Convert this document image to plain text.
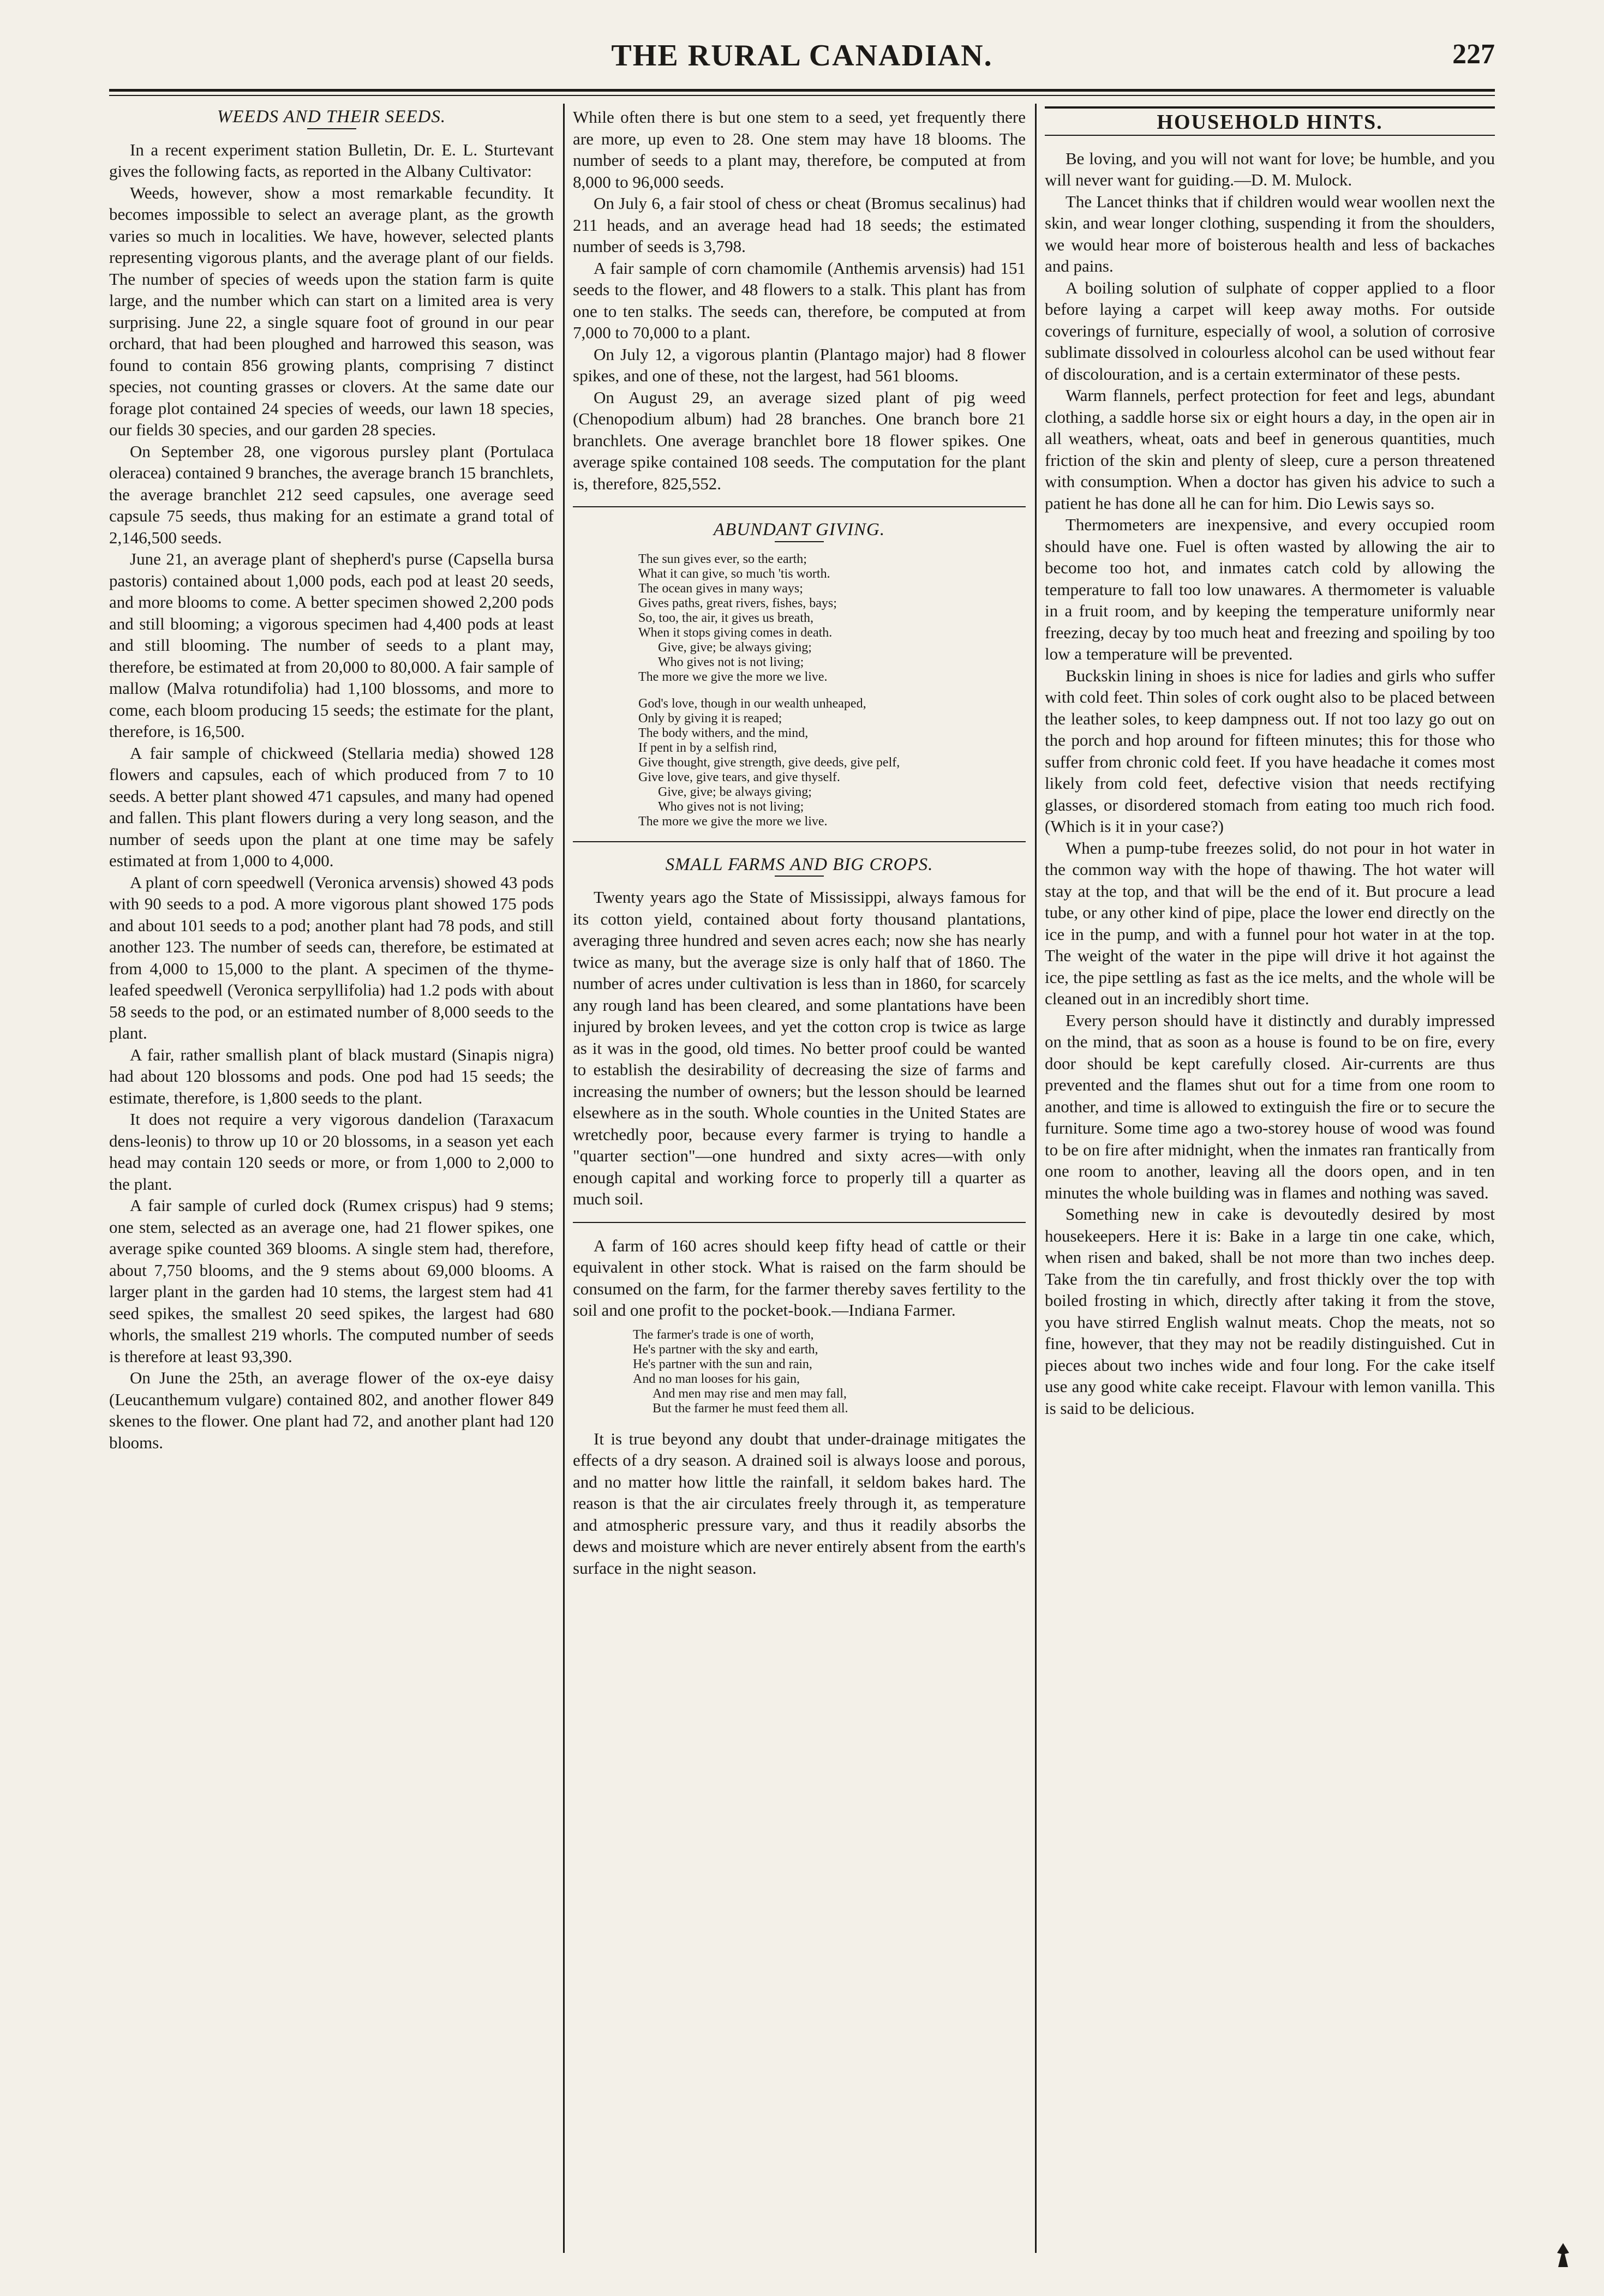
THE RURAL CANADIAN.	227

WEEDS AND THEIR SEEDS.

In a recent experiment station Bulletin, Dr. E. L. Sturtevant gives the following facts, as reported in the Albany Cultivator:

Weeds, however, show a most remarkable fecundity. It becomes impossible to select an average plant, as the growth varies so much in localities. We have, however, selected plants representing vigorous plants, and the average plant of our fields. The number of species of weeds upon the station farm is quite large, and the number which can start on a limited area is very surprising. June 22, a single square foot of ground in our pear orchard, that had been ploughed and harrowed this season, was found to contain 856 growing plants, comprising 7 distinct species, not counting grasses or clovers. At the same date our forage plot contained 24 species of weeds, our lawn 18 species, our fields 30 species, and our garden 28 species.

On September 28, one vigorous pursley plant (Portulaca oleracea) contained 9 branches, the average branch 15 branchlets, the average branchlet 212 seed capsules, one average seed capsule 75 seeds, thus making for an estimate a grand total of 2,146,500 seeds.

June 21, an average plant of shepherd's purse (Capsella bursa pastoris) contained about 1,000 pods, each pod at least 20 seeds, and more blooms to come. A better specimen showed 2,200 pods and still blooming; a vigorous specimen had 4,400 pods at least and still blooming. The number of seeds to a plant may, therefore, be estimated at from 20,000 to 80,000. A fair sample of mallow (Malva rotundifolia) had 1,100 blossoms, and more to come, each bloom producing 15 seeds; the estimate for the plant, therefore, is 16,500.

A fair sample of chickweed (Stellaria media) showed 128 flowers and capsules, each of which produced from 7 to 10 seeds. A better plant showed 471 capsules, and many had opened and fallen. This plant flowers during a very long season, and the number of seeds upon the plant at one time may be safely estimated at from 1,000 to 4,000.

A plant of corn speedwell (Veronica arvensis) showed 43 pods with 90 seeds to a pod. A more vigorous plant showed 175 pods and about 101 seeds to a pod; another plant had 78 pods, and still another 123. The number of seeds can, therefore, be estimated at from 4,000 to 15,000 to the plant. A specimen of the thyme-leafed speedwell (Veronica serpyllifolia) had 1.2 pods with about 58 seeds to the pod, or an estimated number of 8,000 seeds to the plant.

A fair, rather smallish plant of black mustard (Sinapis nigra) had about 120 blossoms and pods. One pod had 15 seeds; the estimate, therefore, is 1,800 seeds to the plant.

It does not require a very vigorous dandelion (Taraxacum dens-leonis) to throw up 10 or 20 blossoms, in a season yet each head may contain 120 seeds or more, or from 1,000 to 2,000 to the plant.

A fair sample of curled dock (Rumex crispus) had 9 stems; one stem, selected as an average one, had 21 flower spikes, one average spike counted 369 blooms. A single stem had, therefore, about 7,750 blooms, and the 9 stems about 69,000 blooms. A larger plant in the garden had 10 stems, the largest stem had 41 seed spikes, the smallest 20 seed spikes, the largest had 680 whorls, the smallest 219 whorls. The computed number of seeds is therefore at least 93,390.

On June the 25th, an average flower of the ox-eye daisy (Leucanthemum vulgare) contained 802, and another flower 849 skenes to the flower. One plant had 72, and another plant had 120 blooms.

While often there is but one stem to a seed, yet frequently there are more, up even to 28. One stem may have 18 blooms. The number of seeds to a plant may, therefore, be computed at from 8,000 to 96,000 seeds.

On July 6, a fair stool of chess or cheat (Bromus secalinus) had 211 heads, and an average head had 18 seeds; the estimated number of seeds is 3,798.

A fair sample of corn chamomile (Anthemis arvensis) had 151 seeds to the flower, and 48 flowers to a stalk. This plant has from one to ten stalks. The seeds can, therefore, be computed at from 7,000 to 70,000 to a plant.

On July 12, a vigorous plantin (Plantago major) had 8 flower spikes, and one of these, not the largest, had 561 blooms.

On August 29, an average sized plant of pig weed (Chenopodium album) had 28 branches. One branch bore 21 branchlets. One average branchlet bore 18 flower spikes. One average spike contained 108 seeds. The computation for the plant is, therefore, 825,552.

ABUNDANT GIVING.

The sun gives ever, so the earth;
What it can give, so much 'tis worth.
The ocean gives in many ways;
Gives paths, great rivers, fishes, bays;
So, too, the air, it gives us breath,
When it stops giving comes in death.
Give, give; be always giving;
Who gives not is not living;
The more we give the more we live.
God's love, though in our wealth unheaped,
Only by giving it is reaped;
The body withers, and the mind,
If pent in by a selfish rind,
Give thought, give strength, give deeds, give pelf,
Give love, give tears, and give thyself.
Give, give; be always giving;
Who gives not is not living;
The more we give the more we live.

SMALL FARMS AND BIG CROPS.

Twenty years ago the State of Mississippi, always famous for its cotton yield, contained about forty thousand plantations, averaging three hundred and seven acres each; now she has nearly twice as many, but the average size is only half that of 1860. The number of acres under cultivation is less than in 1860, for scarcely any rough land has been cleared, and some plantations have been injured by broken levees, and yet the cotton crop is twice as large as it was in the good, old times. No better proof could be wanted to establish the desirability of decreasing the size of farms and increasing the number of owners; but the lesson should be learned elsewhere as in the south. Whole counties in the United States are wretchedly poor, because every farmer is trying to handle a "quarter section"—one hundred and sixty acres—with only enough capital and working force to properly till a quarter as much soil.

A farm of 160 acres should keep fifty head of cattle or their equivalent in other stock. What is raised on the farm should be consumed on the farm, for the farmer thereby saves fertility to the soil and one profit to the pocket-book.—Indiana Farmer.

The farmer's trade is one of worth,
He's partner with the sky and earth,
He's partner with the sun and rain,
And no man looses for his gain,
And men may rise and men may fall,
But the farmer he must feed them all.

It is true beyond any doubt that under-drainage mitigates the effects of a dry season. A drained soil is always loose and porous, and no matter how little the rainfall, it seldom bakes hard. The reason is that the air circulates freely through it, as temperature and atmospheric pressure vary, and thus it readily absorbs the dews and moisture which are never entirely absent from the earth's surface in the night season.

HOUSEHOLD HINTS.

Be loving, and you will not want for love; be humble, and you will never want for guiding.—D. M. Mulock.

The Lancet thinks that if children would wear woollen next the skin, and wear longer clothing, suspending it from the shoulders, we would hear more of boisterous health and less of backaches and pains.

A boiling solution of sulphate of copper applied to a floor before laying a carpet will keep away moths. For outside coverings of furniture, especially of wool, a solution of corrosive sublimate dissolved in colourless alcohol can be used without fear of discolouration, and is a certain exterminator of these pests.

Warm flannels, perfect protection for feet and legs, abundant clothing, a saddle horse six or eight hours a day, in the open air in all weathers, wheat, oats and beef in generous quantities, much friction of the skin and plenty of sleep, cure a person threatened with consumption. When a doctor has given his advice to such a patient he has done all he can for him. Dio Lewis says so.

Thermometers are inexpensive, and every occupied room should have one. Fuel is often wasted by allowing the air to become too hot, and inmates catch cold by allowing the temperature to fall too low unawares. A thermometer is valuable in a fruit room, and by keeping the temperature uniformly near freezing, decay by too much heat and freezing and spoiling by too low a temperature will be prevented.

Buckskin lining in shoes is nice for ladies and girls who suffer with cold feet. Thin soles of cork ought also to be placed between the leather soles, to keep dampness out. If not too lazy go out on the porch and hop around for fifteen minutes; this for those who suffer from chronic cold feet. If you have headache it comes most likely from cold feet, defective vision that needs rectifying glasses, or disordered stomach from eating too much rich food. (Which is it in your case?)

When a pump-tube freezes solid, do not pour in hot water in the common way with the hope of thawing. The hot water will stay at the top, and that will be the end of it. But procure a lead tube, or any other kind of pipe, place the lower end directly on the ice in the pump, and with a funnel pour hot water in at the top. The weight of the water in the pipe will drive it hot against the ice, the pipe settling as fast as the ice melts, and the whole will be cleaned out in an incredibly short time.

Every person should have it distinctly and durably impressed on the mind, that as soon as a house is found to be on fire, every door should be kept carefully closed. Air-currents are thus prevented and the flames shut out for a time from one room to another, and time is allowed to extinguish the fire or to secure the furniture. Some time ago a two-storey house of wood was found to be on fire after midnight, when the inmates ran frantically from one room to another, leaving all the doors open, and in ten minutes the whole building was in flames and nothing was saved.

Something new in cake is devoutedly desired by most housekeepers. Here it is: Bake in a large tin one cake, which, when risen and baked, shall be not more than two inches deep. Take from the tin carefully, and frost thickly over the top with boiled frosting in which, directly after taking it from the stove, you have stirred English walnut meats. Chop the meats, not so fine, however, that they may not be readily distinguished. Cut in pieces about two inches wide and four long. For the cake itself use any good white cake receipt. Flavour with lemon vanilla. This is said to be delicious.
